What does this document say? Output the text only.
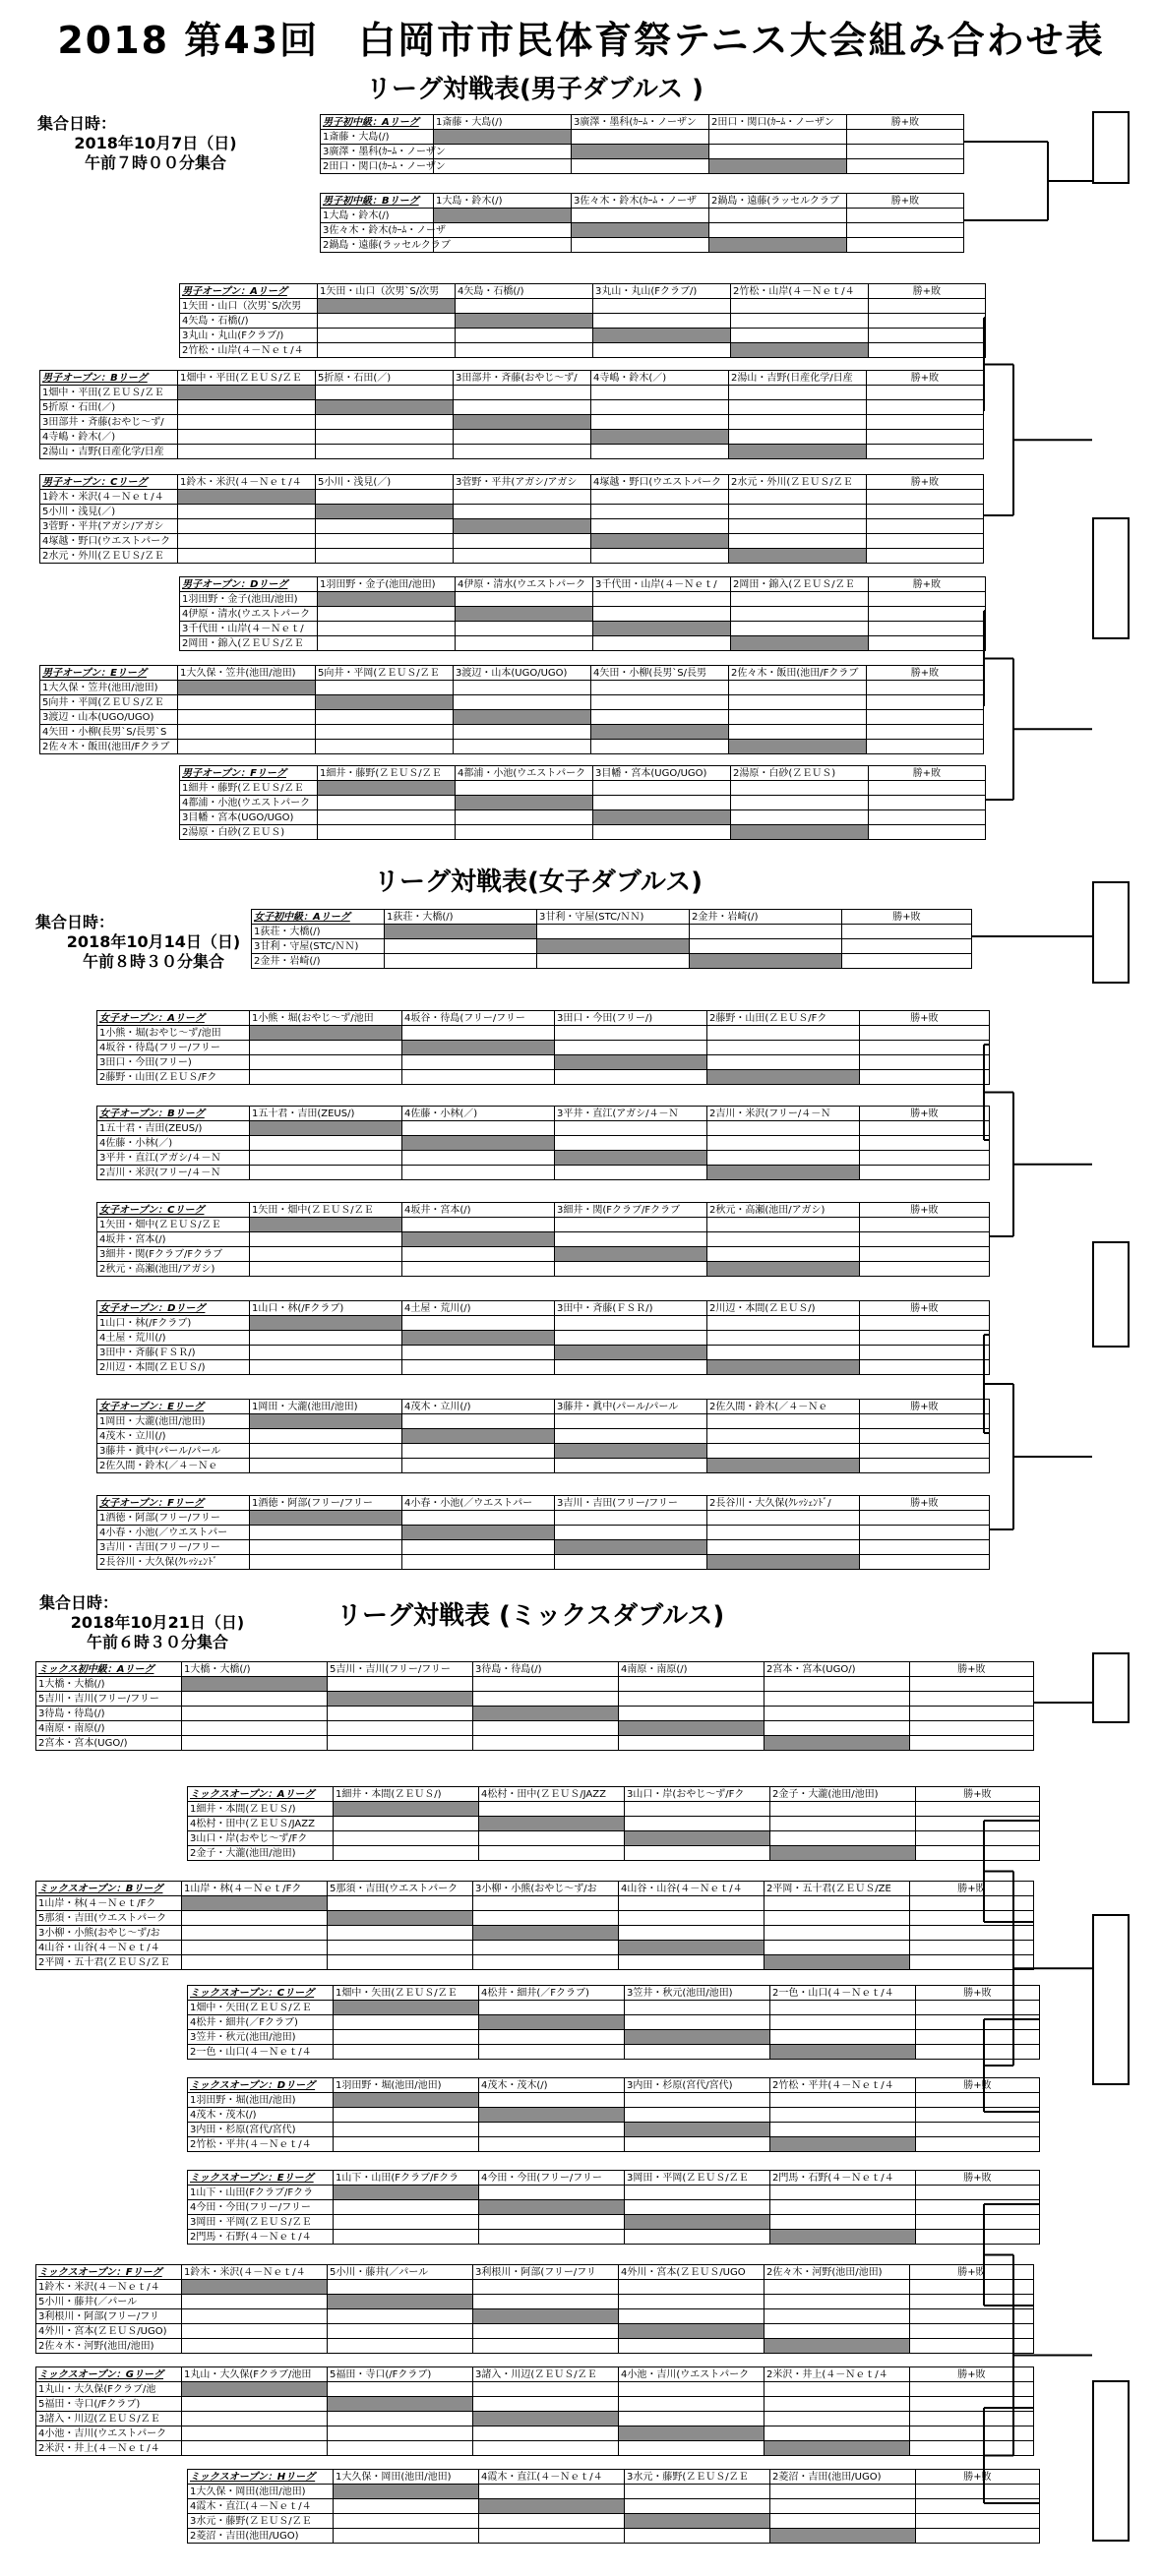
2018 第43回　白岡市市民体育祭テニス大会組み合わせ表
リーグ対戦表(男子ダブルス )
集合日時：
2018年10月7日（日)
午前７時００分集合
リーグ対戦表(女子ダブルス)
集合日時：
2018年10月14日（日)
午前８時３０分集合
リーグ対戦表 (ミックスダブルス)
集合日時：
2018年10月21日（日)
午前６時３０分集合
男子初中級：Aリーグ	1斎藤・大島(/)	3廣澤・墨科(ｶｰﾑ・ノーザン	2田口・関口(ｶｰﾑ・ノーザン	勝+敗
1斎藤・大島(/)				
3廣澤・墨科(ｶｰﾑ・ノーザン				
2田口・関口(ｶｰﾑ・ノーザン				
男子初中級：Bリーグ	1大島・鈴木(/)	3佐々木・鈴木(ｶｰﾑ・ノーザ	2鍋島・遠藤(ラッセルクラブ	勝+敗
1大島・鈴木(/)				
3佐々木・鈴木(ｶｰﾑ・ノーザ				
2鍋島・遠藤(ラッセルクラブ				
男子オープン：Aリーグ	1矢田・山口（次男`S/次男	4矢島・石橋(/)	3丸山・丸山(Fクラブ/)	2竹松・山岸(４－Ｎｅｔ/４	勝+敗
1矢田・山口（次男`S/次男					
4矢島・石橋(/)					
3丸山・丸山(Fクラブ/)					
2竹松・山岸(４－Ｎｅｔ/４					
男子オープン：Bリーグ	1畑中・平田(ＺＥＵＳ/ＺＥ	5折原・石田(／)	3田部井・斉藤(おやじ～ず/	4寺嶋・鈴木(／)	2湯山・吉野(日産化学/日産	勝+敗
1畑中・平田(ＺＥＵＳ/ＺＥ						
5折原・石田(／)						
3田部井・斉藤(おやじ～ず/						
4寺嶋・鈴木(／)						
2湯山・吉野(日産化学/日産						
男子オープン：Cリーグ	1鈴木・米沢(４－Ｎｅｔ/４	5小川・浅見(／)	3菅野・平井(アガシ/アガシ	4塚越・野口(ウエストパーク	2水元・外川(ＺＥＵＳ/ＺＥ	勝+敗
1鈴木・米沢(４－Ｎｅｔ/４						
5小川・浅見(／)						
3菅野・平井(アガシ/アガシ						
4塚越・野口(ウエストパーク						
2水元・外川(ＺＥＵＳ/ＺＥ						
男子オープン：Dリーグ	1羽田野・金子(池田/池田)	4伊原・清水(ウエストパーク	3千代田・山岸(４－Ｎｅｔ/	2岡田・錦入(ＺＥＵＳ/ＺＥ	勝+敗
1羽田野・金子(池田/池田)					
4伊原・清水(ウエストパーク					
3千代田・山岸(４－Ｎｅｔ/					
2岡田・錦入(ＺＥＵＳ/ＺＥ					
男子オープン：Eリーグ	1大久保・笠井(池田/池田)	5向井・平岡(ＺＥＵＳ/ＺＥ	3渡辺・山本(UGO/UGO)	4矢田・小柳(長男`S/長男	2佐々木・飯田(池田/Fクラブ	勝+敗
1大久保・笠井(池田/池田)						
5向井・平岡(ＺＥＵＳ/ＺＥ						
3渡辺・山本(UGO/UGO)						
4矢田・小柳(長男`S/長男`S						
2佐々木・飯田(池田/Fクラブ						
男子オープン：Fリーグ	1細井・藤野(ＺＥＵＳ/ＺＥ	4都浦・小池(ウエストパーク	3目幡・宮本(UGO/UGO)	2湯原・白砂(ＺＥＵＳ)	勝+敗
1細井・藤野(ＺＥＵＳ/ＺＥ					
4都浦・小池(ウエストパーク					
3目幡・宮本(UGO/UGO)					
2湯原・白砂(ＺＥＵＳ)					
女子初中級：Aリーグ	1荻荘・大橋(/)	3甘利・守屋(STC/ＮＮ)	2金井・岩崎(/)	勝+敗
1荻荘・大橋(/)				
3甘利・守屋(STC/ＮＮ)				
2金井・岩崎(/)				
女子オープン：Aリーグ	1小熊・堀(おやじ～ず/池田	4坂谷・待島(フリー/フリー	3田口・今田(フリー/)	2藤野・山田(ＺＥＵＳ/Fク	勝+敗
1小熊・堀(おやじ～ず/池田					
4坂谷・待島(フリー/フリー					
3田口・今田(フリー)					
2藤野・山田(ＺＥＵＳ/Fク					
女子オープン：Bリーグ	1五十君・吉田(ZEUS/)	4佐藤・小林(／)	3平井・直江(アガシ/４－Ｎ	2吉川・米沢(フリー/４－Ｎ	勝+敗
1五十君・吉田(ZEUS/)					
4佐藤・小林(／)					
3平井・直江(アガシ/４－Ｎ					
2吉川・米沢(フリー/４－Ｎ					
女子オープン：Cリーグ	1矢田・畑中(ＺＥＵＳ/ＺＥ	4坂井・宮本(/)	3細井・関(Fクラブ/Fクラブ	2秋元・高瀬(池田/アガシ)	勝+敗
1矢田・畑中(ＺＥＵＳ/ＺＥ					
4坂井・宮本(/)					
3細井・関(Fクラブ/Fクラブ					
2秋元・高瀬(池田/アガシ)					
女子オープン：Dリーグ	1山口・林(/Fクラブ)	4土屋・荒川(/)	3田中・斉藤(ＦＳＲ/)	2川辺・本間(ＺＥＵＳ/)	勝+敗
1山口・林(/Fクラブ)					
4土屋・荒川(/)					
3田中・斉藤(ＦＳＲ/)					
2川辺・本間(ＺＥＵＳ/)					
女子オープン：Eリーグ	1岡田・大瀧(池田/池田)	4茂木・立川(/)	3藤井・眞中(パール/パール	2佐久間・鈴木(／４－Ｎｅ	勝+敗
1岡田・大瀧(池田/池田)					
4茂木・立川(/)					
3藤井・眞中(パール/パール					
2佐久間・鈴木(／４－Ｎｅ					
女子オープン：Fリーグ	1酒徳・阿部(フリー/フリー	4小春・小池(／ウエストパー	3吉川・吉田(フリー/フリー	2長谷川・大久保(ｸﾚｯｼｪﾝﾄﾞ/	勝+敗
1酒徳・阿部(フリー/フリー					
4小春・小池(／ウエストパー					
3吉川・吉田(フリー/フリー					
2長谷川・大久保(ｸﾚｯｼｪﾝﾄﾞ					
ミックス初中級：Aリーグ	1大橋・大橋(/)	5吉川・吉川(フリー/フリー	3待島・待島(/)	4南原・南原(/)	2宮本・宮本(UGO/)	勝+敗
1大橋・大橋(/)						
5吉川・吉川(フリー/フリー						
3待島・待島(/)						
4南原・南原(/)						
2宮本・宮本(UGO/)						
ミックスオープン：Aリーグ	1細井・本間(ＺＥＵＳ/)	4松村・田中(ＺＥＵＳ/JAZZ	3山口・岸(おやじ～ず/Fク	2金子・大瀧(池田/池田)	勝+敗
1細井・本間(ＺＥＵＳ/)					
4松村・田中(ＺＥＵＳ/JAZZ					
3山口・岸(おやじ～ず/Fク					
2金子・大瀧(池田/池田)					
ミックスオープン：Bリーグ	1山岸・林(４－Ｎｅｔ/Fク	5那須・吉田(ウエストパーク	3小柳・小熊(おやじ～ず/お	4山谷・山谷(４－Ｎｅｔ/４	2平岡・五十君(ＺＥＵＳ/ZE	勝+敗
1山岸・林(４－Ｎｅｔ/Fク						
5那須・吉田(ウエストパーク						
3小柳・小熊(おやじ～ず/お						
4山谷・山谷(４－Ｎｅｔ/４						
2平岡・五十君(ＺＥＵＳ/ＺＥ						
ミックスオープン：Cリーグ	1畑中・矢田(ＺＥＵＳ/ＺＥ	4松井・細井(／Fクラブ)	3笠井・秋元(池田/池田)	2一色・山口(４－Ｎｅｔ/４	勝+敗
1畑中・矢田(ＺＥＵＳ/ＺＥ					
4松井・細井(／Fクラブ)					
3笠井・秋元(池田/池田)					
2一色・山口(４－Ｎｅｔ/４					
ミックスオープン：Dリーグ	1羽田野・堀(池田/池田)	4茂木・茂木(/)	3内田・杉原(宮代/宮代)	2竹松・平井(４－Ｎｅｔ/４	勝+敗
1羽田野・堀(池田/池田)					
4茂木・茂木(/)					
3内田・杉原(宮代/宮代)					
2竹松・平井(４－Ｎｅｔ/４					
ミックスオープン：Eリーグ	1山下・山田(Fクラブ/Fクラ	4今田・今田(フリー/フリー	3岡田・平岡(ＺＥＵＳ/ＺＥ	2門馬・石野(４－Ｎｅｔ/４	勝+敗
1山下・山田(Fクラブ/Fクラ					
4今田・今田(フリー/フリー					
3岡田・平岡(ＺＥＵＳ/ＺＥ					
2門馬・石野(４－Ｎｅｔ/４					
ミックスオープン：Fリーグ	1鈴木・米沢(４－Ｎｅｔ/４	5小川・藤井(／パール	3利根川・阿部(フリー/フリ	4外川・宮本(ＺＥＵＳ/UGO	2佐々木・河野(池田/池田)	勝+敗
1鈴木・米沢(４－Ｎｅｔ/４						
5小川・藤井(／パール						
3利根川・阿部(フリー/フリ						
4外川・宮本(ＺＥＵＳ/UGO)						
2佐々木・河野(池田/池田)						
ミックスオープン：Gリーグ	1丸山・大久保(Fクラブ/池田	5福田・寺口(/Fクラブ)	3諸入・川辺(ＺＥＵＳ/ＺＥ	4小池・吉川(ウエストパーク	2米沢・井上(４－Ｎｅｔ/４	勝+敗
1丸山・大久保(Fクラブ/池						
5福田・寺口(/Fクラブ)						
3諸入・川辺(ＺＥＵＳ/ＺＥ						
4小池・吉川(ウエストパーク						
2米沢・井上(４－Ｎｅｔ/４						
ミックスオープン：Hリーグ	1大久保・岡田(池田/池田)	4霞木・直江(４－Ｎｅｔ/４	3水元・藤野(ＺＥＵＳ/ＺＥ	2菱沼・吉田(池田/UGO)	勝+敗
1大久保・岡田(池田/池田)					
4霞木・直江(４－Ｎｅｔ/４					
3水元・藤野(ＺＥＵＳ/ＺＥ					
2菱沼・吉田(池田/UGO)					
